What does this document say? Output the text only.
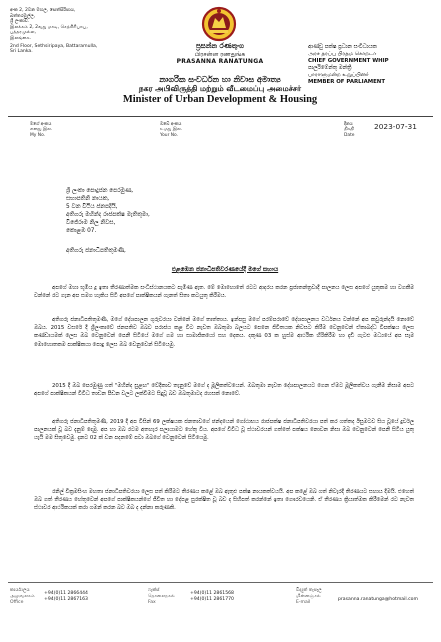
අංක 2, 2වන මහල, සෙත්සිරිපාය,
බත්තරමුල්ල,
ශ්‍රී ලංකාව.
இலக்கம் 2, 2வது மாடி, செத்சிரிபாய,
பத்தரமுல்ல,
இலங்கை.
2nd Floor, Sethsiripaya, Battaramulla,
Sri Lanka.
ප්‍රසන්න රණතුංග
பிரசன்ன ரணதுங்க
PRASANNA RANATUNGA
නාගරික සංවර්ධන හා නිවාස අමාත්‍ය
நகர அபிவிருத்தி மற்றும் வீடமைப்பு அமைச்சர்
Minister of Urban Development & Housing
ආණ්ඩු පක්ෂ ප්‍රධාන සංවිධායක
அரச தரப்பு பிரதம கொறடா
CHIEF GOVERNMENT WHIP
පාර්ලිමේන්තු මන්ත්‍රී
பாராளுமன்ற உறுப்பினர்
MEMBER OF PARLIAMENT
මගේ අංකය
எனது இல.
My No.
ඔබේ අංකය
உமது இல.
Your No.
දිනය
திகதி
Date
2023-07-31
ශ්‍රී ලංකා පොදුජන පෙරමුණ,
සභාපතිනි නායක,
5 වන වීථිය ජනපදියි,
අතිගරු මහින්ද රාජපක්ෂ මැතිතුමා,
විජේරාම නිල නිවස,
කොළඹ 07.
අතිගරු ජනාධිපතිතුමණි,
එළඹෙන ජනාධිපතිවරණයේදී මගේ සහාය

අපගේ මහා භූමිය දූ ඉතා තීරණාත්මක සංධිස්ථානයකට පැමිණ ඇත. මේ මොහොතේ රටට ආදරය කරන ප්‍රජාතන්ත්‍රවාදී පාලනය ලෙස අපගේ යුතුකම හා වගකීම වන්නේ රට ගැන අප සමග හැකිය සිටි අපගේ පාක්ෂිකයන් ගැනත් සිතා කටයුතු කිරීමය.

අතිගරු ජනාධිපතිතුමණි, මගේ දේශපාලන ගුරුවරයා වන්නේ මගේ තාත්තාය. ඉන්පසු මගේ පරම්පරාවේ දේශපාලනය වර්ධනය වන්නේ අප කවුරුන්දයි නොවේ ඔබය. 2015 වසරේ දී ශ්‍රීලංකාවේ ජනපතිව ඔබව පරාජය කළ විට නැවත ඔබතුමා බලයට පෙනෙ ජිවිතයක නිවසට කිරීම වෙනුවෙන් ඒකාබද්ධ විපක්ෂය ලෙස කණ්ඩායමක් ලෙස ඔබ වෙනුවෙන් පෙනී සිටියේ මගේ ගම හා සාමාජිකයෝ සහ දෙකය. දකුණ 03 ක හුස්ම ආර්ථික හිරිකිරීම හා දැඩි ගැටළු මධ්‍යයේ අප සෑම මොහොතකම පාක්ෂිකයා පොදු ලෙස ඔබ වෙනුවෙන් සිටියෙමු.

2015 දී ඔබ පෙරමුණු ගත් "මහින්ද සුළඟ" වේදිකාව තැනුවේ මගේ ද මූලිකත්වයෙන්. ඔබතුමා නැවත දේශපාලනයට ගෙන ඒමට මූලිකත්වය ගැනීම නිසාම අපට අපගේ පාක්ෂිකයන් විවිධ තාඩන පීඩන වලට ලක්විමට සිදුවූ බව ඔබතුමාටද රහසක් නොවේ.

අතිගරු ජනාධිපතිතුමණි, 2019 දී අප විසින් 69 ලක්ෂයක ජනතාවගේ ඡන්දයෙන් ගෝඨාභය රාජපක්ෂ ජනාධිපතිවරයා පත් කර ගත්තද ඊසුමටව සිය වූයේ දුර්වල පාලනයක් වූ බව දැනුම් දෙමු. අප හා ඔබ රටම අතහැර පලායාමට හේතු විය. අපගේ විවිධ වූ ස්ථාවරයන් ගත්තේ පක්ෂය නොවන නිසා ඔබ වෙනුවෙන් පෙනී සිටිය යුතු යැයි මම සිතුවෙමු. දැනට 02 ක් වන පදනමේ පවා ඔබගේ වෙනුවෙන් සිටියෙමු.

රනිල් වික්‍රමසිංහ මහතා ජනාධිපතිවරයා ලෙස පත් කිරීමට තීරණය කළේ ඔබ ඇතුළු පක්ෂ නායකත්වයයි. අප කළේ ඔබ ගත් නිවැරදි තීරණයට සහාය දීමයි. එහෙත් ඔබ ගත් තීරණය හේතුවෙන් අපගේ පාක්ෂිකයන්ගේ ජීවිත හා දේපළ සුරක්ෂිත වූ බව ද සිහිපත් කරන්නේ ඉතා ගෞරවයෙනි. ඒ තීරණය ක්‍රියාත්මක කිරීමෙන් රට නැවත ස්ථාවර ආර්ථිකයක් කරා ගමන් කරන බව ඔබ ද දන්නා කරුණකි.

කාර්යාලය
அலுவலகம்
Office
+94(0)11 2866444
+94(0)11 2867163
ෆැක්ස්
தொலைநகல்
Fax
+94(0)11 2861568
+94(0)11 2861770
විද්‍යුත් තැපෑල
மின்னஞ்சல்
E-mail
prasanna.ranatunga@hotmail.com
